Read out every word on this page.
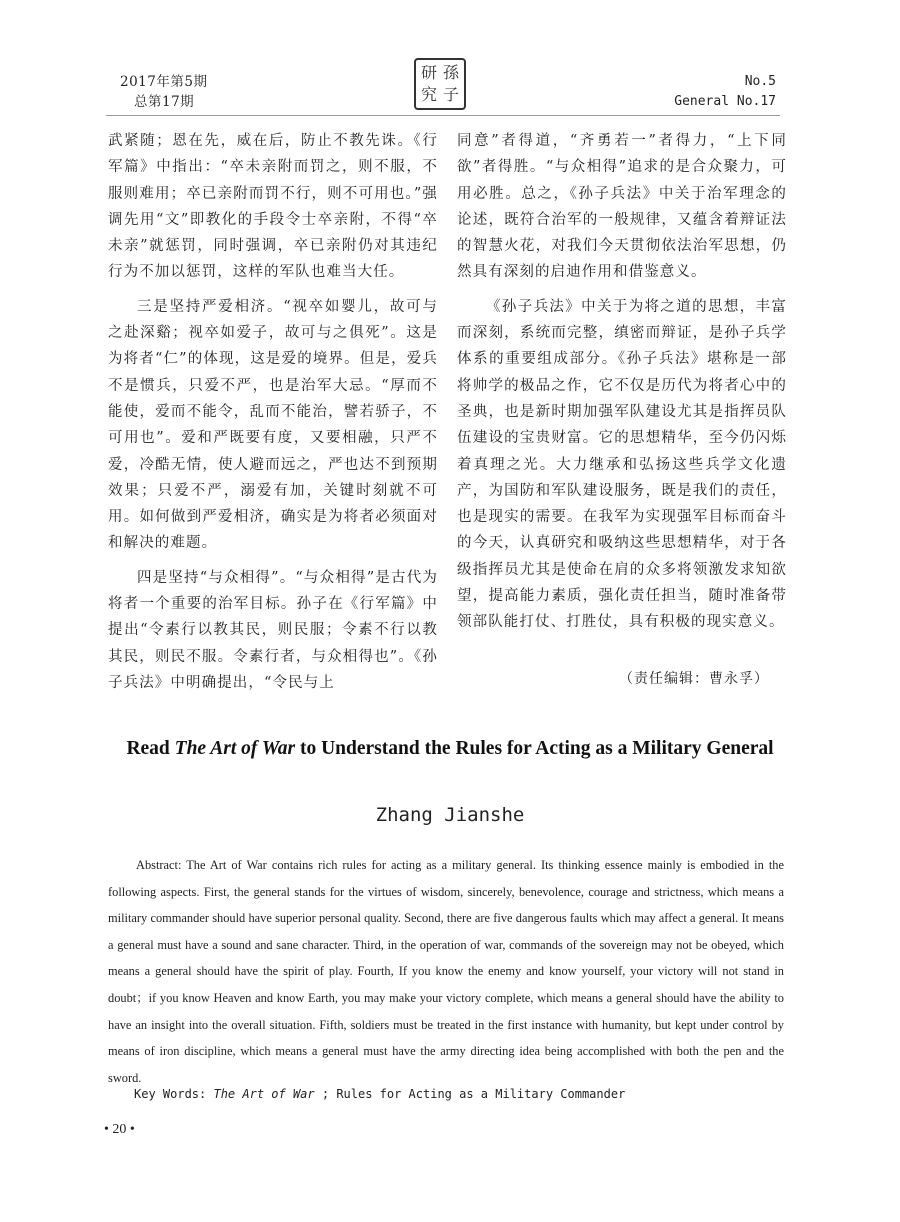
2017年第5期
总第17期
研 孫
究 子
No.5
General No.17

武紧随；恩在先，威在后，防止不教先诛。《行军篇》中指出：“卒未亲附而罚之，则不服，不服则难用；卒已亲附而罚不行，则不可用也。”强调先用“文”即教化的手段令士卒亲附，不得“卒未亲”就惩罚，同时强调，卒已亲附仍对其违纪行为不加以惩罚，这样的军队也难当大任。

三是坚持严爱相济。“视卒如婴儿，故可与之赴深谿；视卒如爱子，故可与之俱死”。这是为将者“仁”的体现，这是爱的境界。但是，爱兵不是惯兵，只爱不严，也是治军大忌。“厚而不能使，爱而不能令，乱而不能治，譬若骄子，不可用也”。爱和严既要有度，又要相融，只严不爱，冷酷无情，使人避而远之，严也达不到预期效果；只爱不严，溺爱有加，关键时刻就不可用。如何做到严爱相济，确实是为将者必须面对和解决的难题。

四是坚持“与众相得”。“与众相得”是古代为将者一个重要的治军目标。孙子在《行军篇》中提出“令素行以教其民，则民服；令素不行以教其民，则民不服。令素行者，与众相得也”。《孙子兵法》中明确提出，“令民与上

同意”者得道，“齐勇若一”者得力，“上下同欲”者得胜。“与众相得”追求的是合众聚力，可用必胜。总之，《孙子兵法》中关于治军理念的论述，既符合治军的一般规律，又蕴含着辩证法的智慧火花，对我们今天贯彻依法治军思想，仍然具有深刻的启迪作用和借鉴意义。

《孙子兵法》中关于为将之道的思想，丰富而深刻，系统而完整，缜密而辩证，是孙子兵学体系的重要组成部分。《孙子兵法》堪称是一部将帅学的极品之作，它不仅是历代为将者心中的圣典，也是新时期加强军队建设尤其是指挥员队伍建设的宝贵财富。它的思想精华，至今仍闪烁着真理之光。大力继承和弘扬这些兵学文化遗产，为国防和军队建设服务，既是我们的责任，也是现实的需要。在我军为实现强军目标而奋斗的今天，认真研究和吸纳这些思想精华，对于各级指挥员尤其是使命在肩的众多将领激发求知欲望，提高能力素质，强化责任担当，随时准备带领部队能打仗、打胜仗，具有积极的现实意义。

（责任编辑：曹永孚）

Read The Art of War to Understand the Rules for Acting as a Military General
Zhang Jianshe
Abstract: The Art of War contains rich rules for acting as a military general. Its thinking essence mainly is embodied in the following aspects. First, the general stands for the virtues of wisdom, sincerely, benevolence, courage and strictness, which means a military commander should have superior personal quality. Second, there are five dangerous faults which may affect a general. It means a general must have a sound and sane character. Third, in the operation of war, commands of the sovereign may not be obeyed, which means a general should have the spirit of play. Fourth, If you know the enemy and know yourself, your victory will not stand in doubt；if you know Heaven and know Earth, you may make your victory complete, which means a general should have the ability to have an insight into the overall situation. Fifth, soldiers must be treated in the first instance with humanity, but kept under control by means of iron discipline, which means a general must have the army directing idea being accomplished with both the pen and the sword.
Key Words: The Art of War ; Rules for Acting as a Military Commander
• 20 •
